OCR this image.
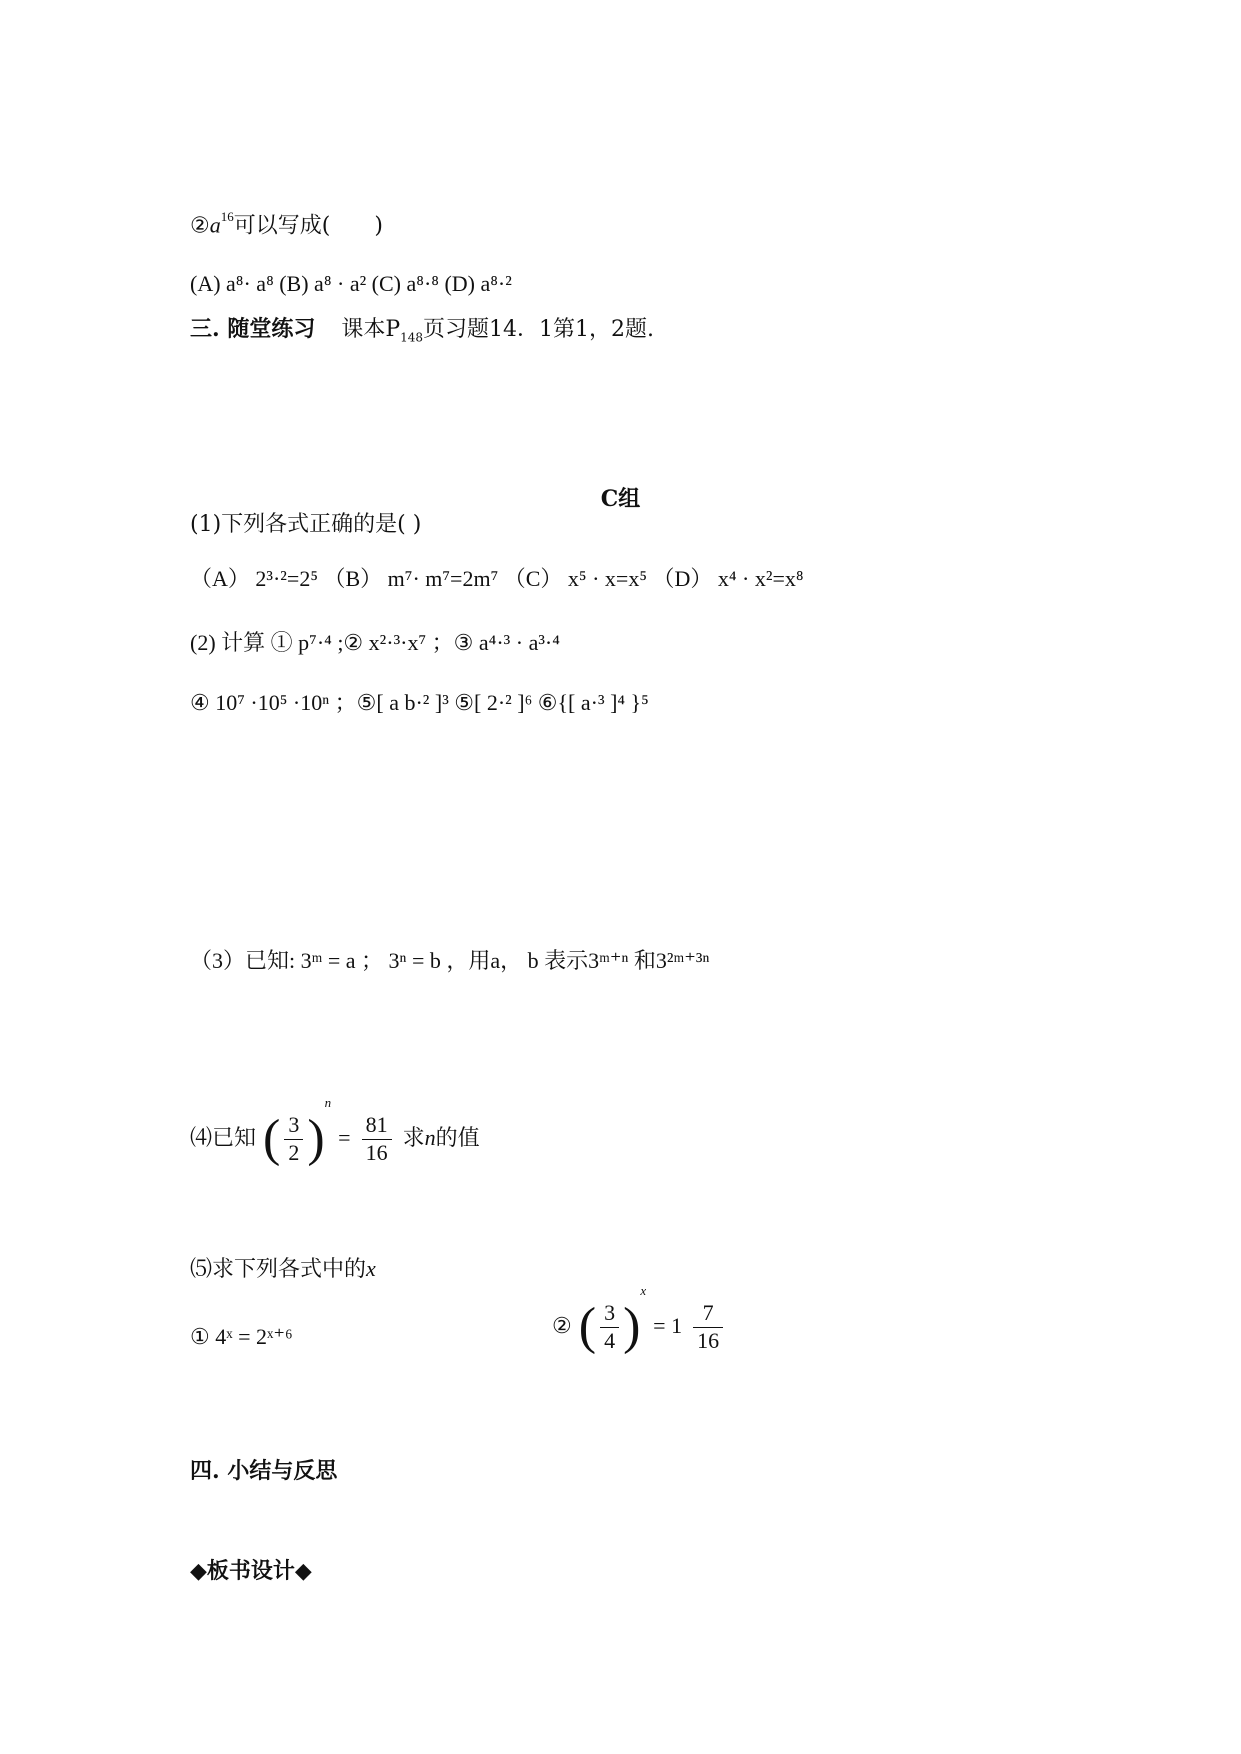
$②a^{16}$可以写成(　　)
(A) a⁸· a⁸ (B) a⁸ · a² (C) a⁸·⁸ (D) a⁸·²
三. 随堂练习 课本$P_{148}$页习题14．1第1，2题.
C组
(1)下列各式正确的是( )
（A） 2³·²=2⁵ （B） m⁷· m⁷=2m⁷ （C） x⁵ · x=x⁵ （D） x⁴ · x²=x⁸
(2) 计算 ① p⁷·⁴ ;② x²·³·x⁷ ；③ a⁴·³ · a³·⁴
④ 10⁷ ·10⁵ ·10ⁿ ；⑤[ a b·² ]³ ⑤[ 2·² ]⁶ ⑥{[ a·³ ]⁴ }⁵
（3）已知: 3ᵐ = a ； 3ⁿ = b ，用a， b 表示3ᵐ⁺ⁿ 和3²ᵐ⁺³ⁿ
⑷已知 ( $\frac{3}{2} )^n = \frac{81}{16}$ 求n的值
⑸求下列各式中的x
① 4ˣ = 2ˣ⁺⁶	② ( $\frac{3}{4} )^x = 1 \frac{7}{16}$
四. 小结与反思
◆板书设计◆
